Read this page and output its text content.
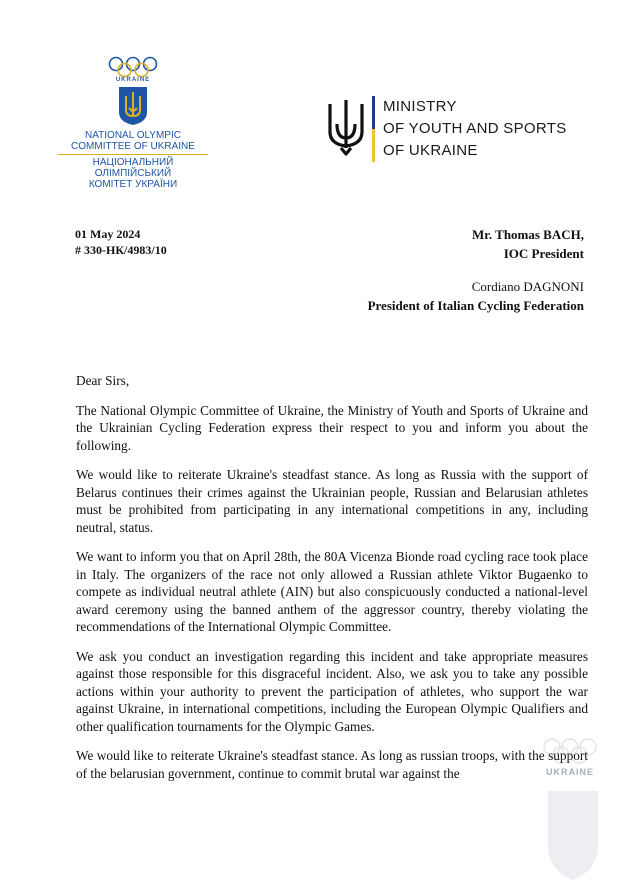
UKRAINE
NATIONAL OLYMPIC
COMMITTEE OF UKRAINE
НАЦІОНАЛЬНИЙ ОЛІМПІЙСЬКИЙ
КОМІТЕТ УКРАЇНИ
MINISTRY
OF YOUTH AND SPORTS
OF UKRAINE
01 May 2024
# 330-НК/4983/10
Mr. Thomas BACH,
IOC President
Cordiano DAGNONI
President of Italian Cycling Federation

Dear Sirs,

The National Olympic Committee of Ukraine, the Ministry of Youth and Sports of Ukraine and the Ukrainian Cycling Federation express their respect to you and inform you about the following.

We would like to reiterate Ukraine's steadfast stance. As long as Russia with the support of Belarus continues their crimes against the Ukrainian people, Russian and Belarusian athletes must be prohibited from participating in any international competitions in any, including neutral, status.

We want to inform you that on April 28th, the 80A Vicenza Bionde road cycling race took place in Italy. The organizers of the race not only allowed a Russian athlete Viktor Bugaenko to compete as individual neutral athlete (AIN) but also conspicuously conducted a national-level award ceremony using the banned anthem of the aggressor country, thereby violating the recommendations of the International Olympic Committee.

We ask you conduct an investigation regarding this incident and take appropriate measures against those responsible for this disgraceful incident. Also, we ask you to take any possible actions within your authority to prevent the participation of athletes, who support the war against Ukraine, in international competitions, including the European Olympic Qualifiers and other qualification tournaments for the Olympic Games.

We would like to reiterate Ukraine's steadfast stance. As long as russian troops, with the support of the belarusian government, continue to commit brutal war against the	UKRAINE
